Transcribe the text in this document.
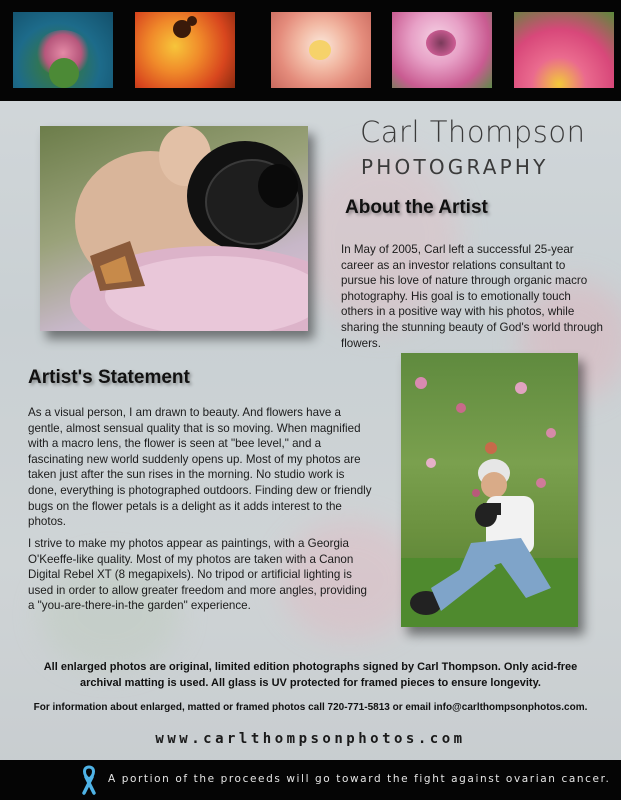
Carl Thompson
PHOTOGRAPHY
About the Artist
In May of 2005, Carl left a successful 25-year career as an investor relations consultant to pursue his love of nature through organic macro photography. His goal is to emotionally touch others in a positive way with his photos, while sharing the stunning beauty of God's world through flowers.
Artist's Statement
As a visual person, I am drawn to beauty. And flowers have a gentle, almost sensual quality that is so moving. When magnified with a macro lens, the flower is seen at "bee level," and a fascinating new world suddenly opens up. Most of my photos are taken just after the sun rises in the morning. No studio work is done, everything is photographed outdoors. Finding dew or friendly bugs on the flower petals is a delight as it adds interest to the photos.
I strive to make my photos appear as paintings, with a Georgia O'Keeffe-like quality. Most of my photos are taken with a Canon Digital Rebel XT (8 megapixels). No tripod or artificial lighting is used in order to allow greater freedom and more angles, providing a "you-are-there-in-the garden" experience.
All enlarged photos are original, limited edition photographs signed by Carl Thompson. Only acid-free archival matting is used. All glass is UV protected for framed pieces to ensure longevity.
For information about enlarged, matted or framed photos call 720-771-5813 or email info@carlthompsonphotos.com.
www.carlthompsonphotos.com
A portion of the proceeds will go toward the fight against ovarian cancer.
